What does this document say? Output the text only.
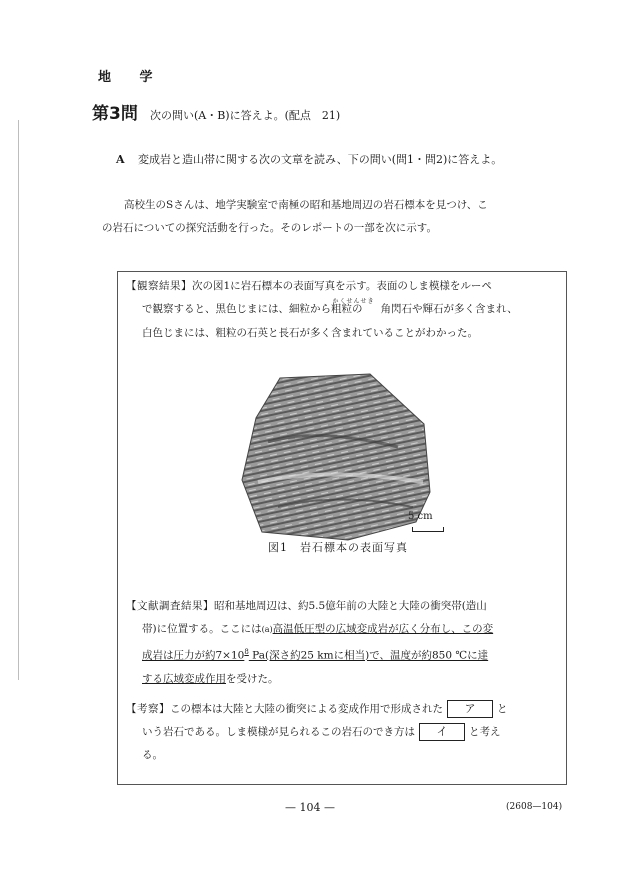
地 学
第3問 次の問い(A・B)に答えよ。(配点　21)
A 変成岩と造山帯に関する次の文章を読み、下の問い(問1・問2)に答えよ。
高校生のSさんは、地学実験室で南極の昭和基地周辺の岩石標本を見つけ、こ
の岩石についての探究活動を行った。そのレポートの一部を次に示す。
【観察結果】次の図1に岩石標本の表面写真を示す。表面のしま模様をルーペ
で観察すると、黒色じまには、細粒から粗粒の$^{かくせんせき}$角閃石や輝石が多く含まれ、
白色じまには、粗粒の石英と長石が多く含まれていることがわかった。
5 cm
図1　岩石標本の表面写真
【文献調査結果】昭和基地周辺は、約5.5億年前の大陸と大陸の衝突帯(造山
帯)に位置する。ここには(a)高温低圧型の広域変成岩が広く分布し、この変
成岩は圧力が約$7\times 10^8$ Pa(深さ約25 kmに相当)で、温度が約850 ℃に達
する広域変成作用を受けた。
【考察】この標本は大陸と大陸の衝突による変成作用で形成された ア と
いう岩石である。しま模様が見られるこの岩石のでき方は イ と考え
る。
— 104 —	(2608—104)
